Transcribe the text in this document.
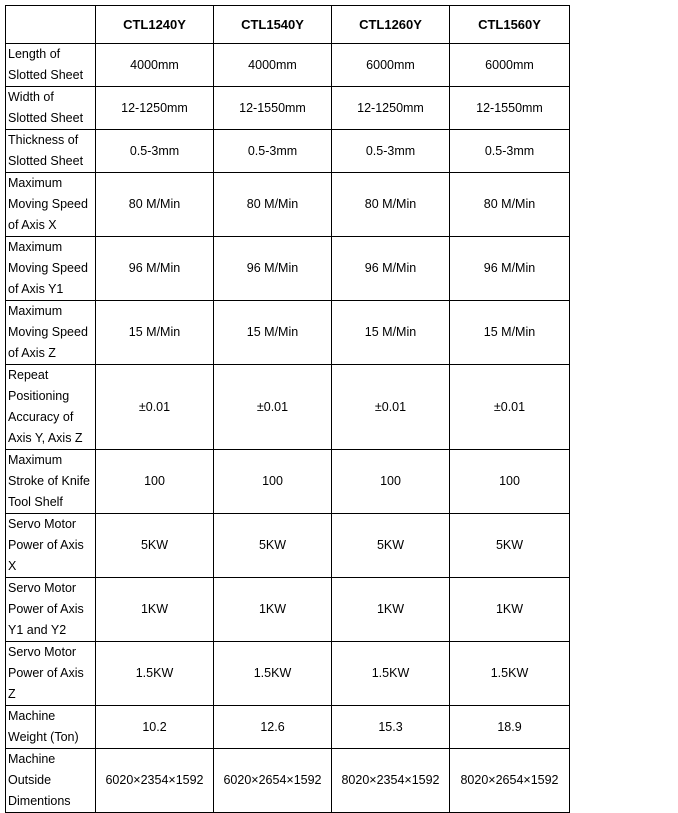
	CTL1240Y	CTL1540Y	CTL1260Y	CTL1560Y
Length of Slotted Sheet	4000mm	4000mm	6000mm	6000mm
Width of Slotted Sheet	12-1250mm	12-1550mm	12-1250mm	12-1550mm
Thickness of Slotted Sheet	0.5-3mm	0.5-3mm	0.5-3mm	0.5-3mm
Maximum Moving Speed of Axis X	80 M/Min	80 M/Min	80 M/Min	80 M/Min
Maximum Moving Speed of Axis Y1	96 M/Min	96 M/Min	96 M/Min	96 M/Min
Maximum Moving Speed of Axis Z	15 M/Min	15 M/Min	15 M/Min	15 M/Min
Repeat Positioning Accuracy of Axis Y, Axis Z	±0.01	±0.01	±0.01	±0.01
Maximum Stroke of Knife Tool Shelf	100	100	100	100
Servo Motor Power of Axis X	5KW	5KW	5KW	5KW
Servo Motor Power of Axis Y1 and Y2	1KW	1KW	1KW	1KW
Servo Motor Power of Axis Z	1.5KW	1.5KW	1.5KW	1.5KW
Machine Weight (Ton)	10.2	12.6	15.3	18.9
Machine Outside Dimentions	6020×2354×1592	6020×2654×1592	8020×2354×1592	8020×2654×1592
